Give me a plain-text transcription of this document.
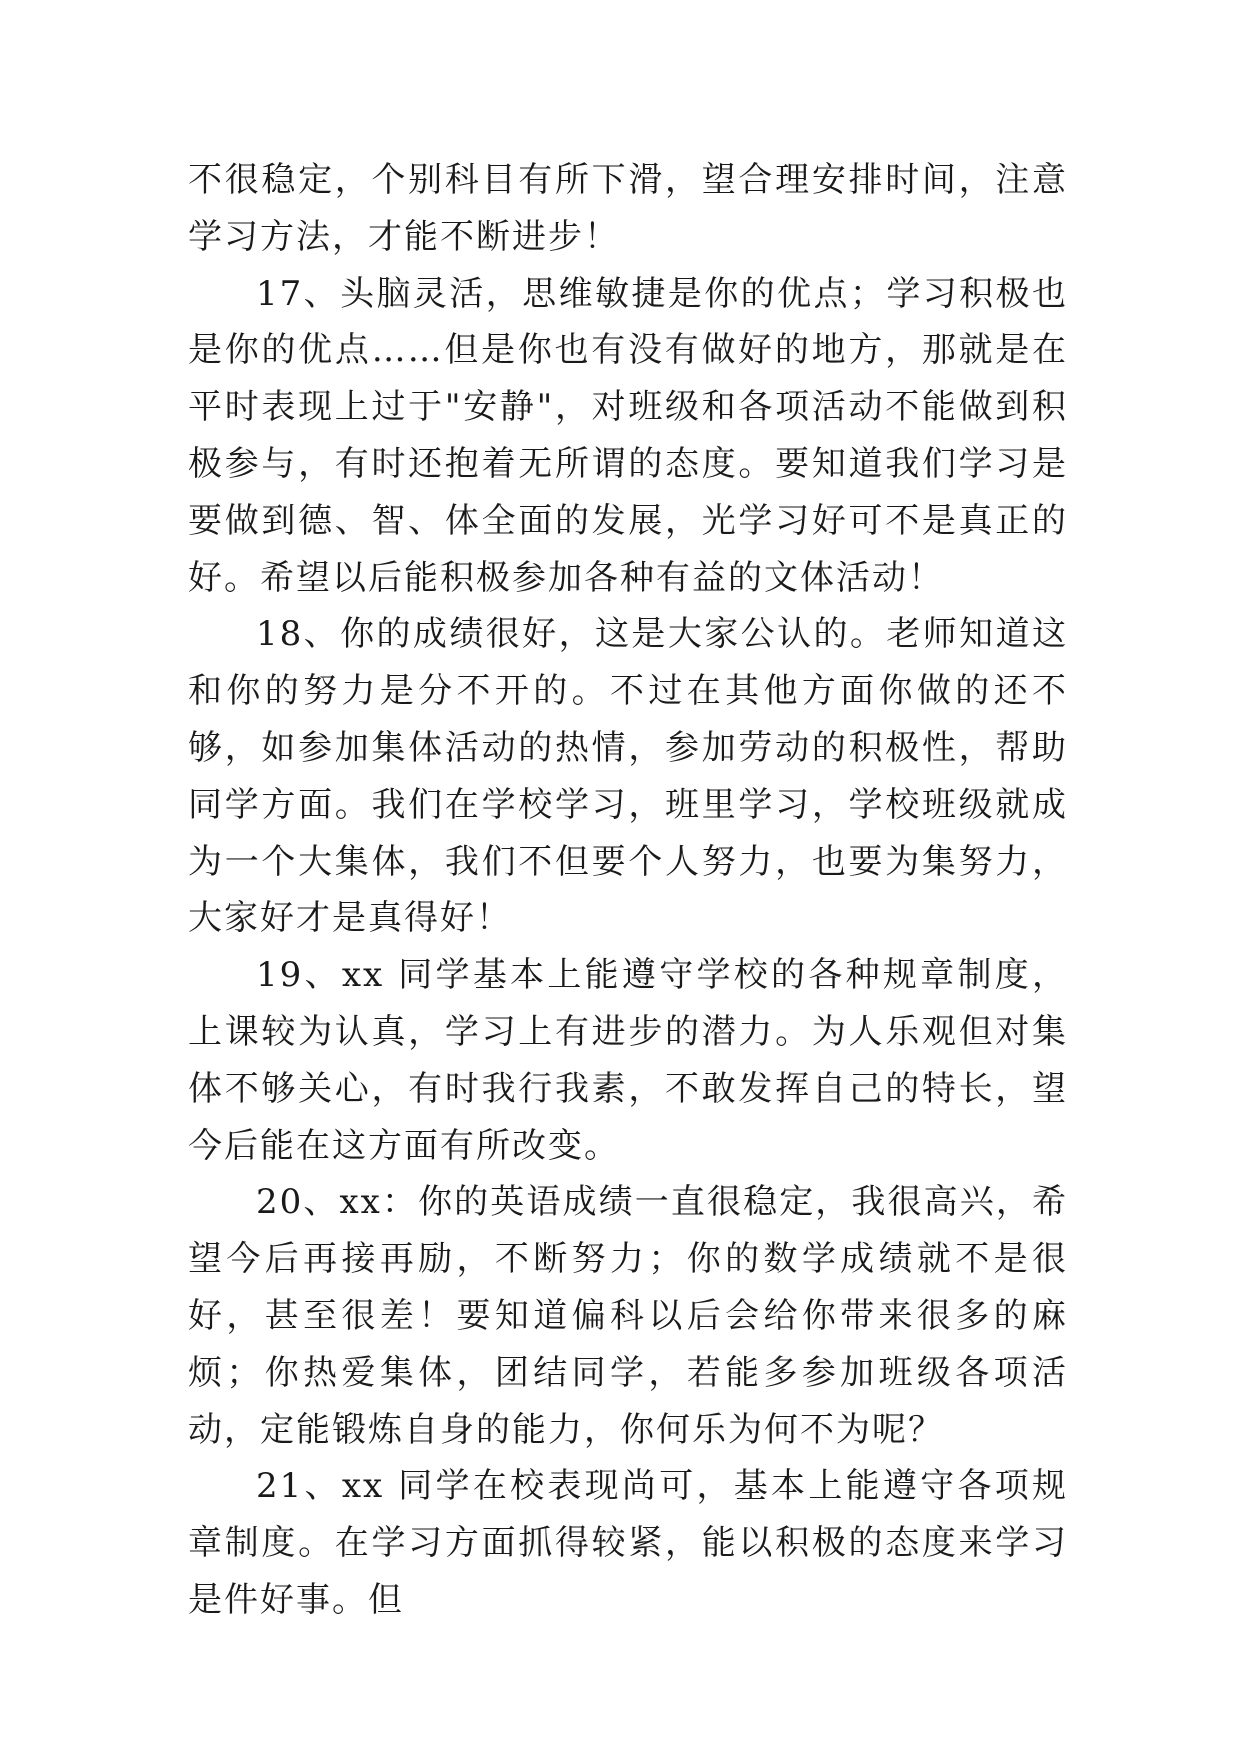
不很稳定，个别科目有所下滑，望合理安排时间，注意学习方法，才能不断进步！

17、头脑灵活，思维敏捷是你的优点；学习积极也是你的优点……但是你也有没有做好的地方，那就是在平时表现上过于"安静"，对班级和各项活动不能做到积极参与，有时还抱着无所谓的态度。要知道我们学习是要做到德、智、体全面的发展，光学习好可不是真正的好。希望以后能积极参加各种有益的文体活动！

18、你的成绩很好，这是大家公认的。老师知道这和你的努力是分不开的。不过在其他方面你做的还不够，如参加集体活动的热情，参加劳动的积极性，帮助同学方面。我们在学校学习，班里学习，学校班级就成为一个大集体，我们不但要个人努力，也要为集努力，大家好才是真得好！

19、xx 同学基本上能遵守学校的各种规章制度，上课较为认真，学习上有进步的潜力。为人乐观但对集体不够关心，有时我行我素，不敢发挥自己的特长，望今后能在这方面有所改变。

20、xx：你的英语成绩一直很稳定，我很高兴，希望今后再接再励，不断努力；你的数学成绩就不是很好，甚至很差！要知道偏科以后会给你带来很多的麻烦；你热爱集体，团结同学，若能多参加班级各项活动，定能锻炼自身的能力，你何乐为何不为呢？

21、xx 同学在校表现尚可，基本上能遵守各项规章制度。在学习方面抓得较紧，能以积极的态度来学习是件好事。但
